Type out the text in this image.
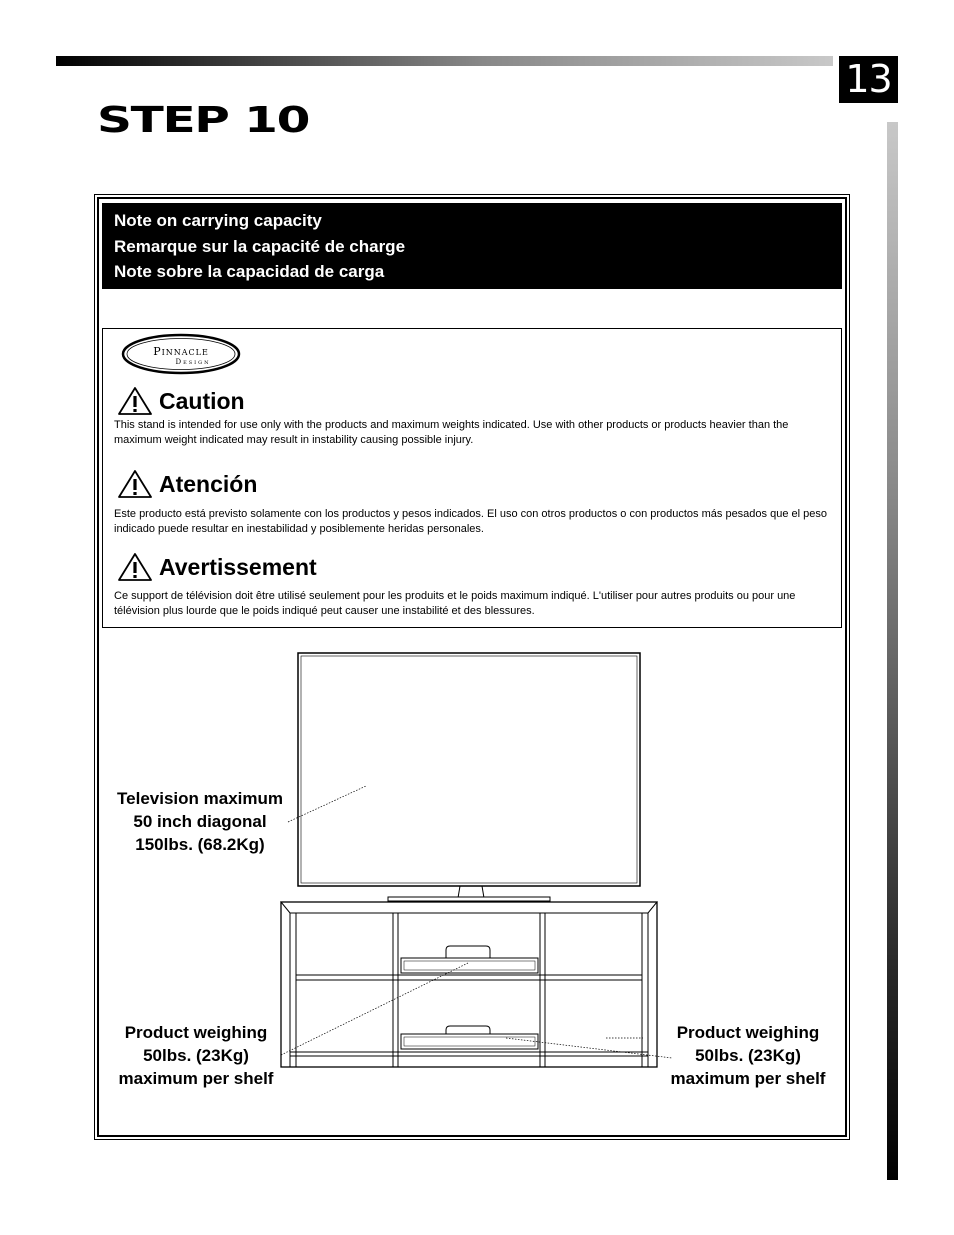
13
STEP 10
Note on carrying capacity
Remarque sur la capacité de charge
Note sobre la capacidad de carga
Pinnacle
Design
Caution
This stand is intended for use only with the products and maximum weights indicated. Use with other products or products heavier than the maximum weight indicated may result in instability causing possible injury.
Atención
Este producto está previsto solamente con los productos y pesos indicados. El uso con otros productos o con productos más pesados que el peso indicado puede resultar en inestabilidad y posiblemente heridas personales.
Avertissement
Ce support de télévision doit être utilisé seulement pour les produits et le poids maximum indiqué. L'utiliser pour autres produits ou pour une télévision plus lourde que le poids indiqué peut causer une instabilité et des blessures.
Television maximum
50 inch diagonal
150lbs. (68.2Kg)
Product weighing
50lbs. (23Kg)
maximum per shelf
Product weighing
50lbs. (23Kg)
maximum per shelf
